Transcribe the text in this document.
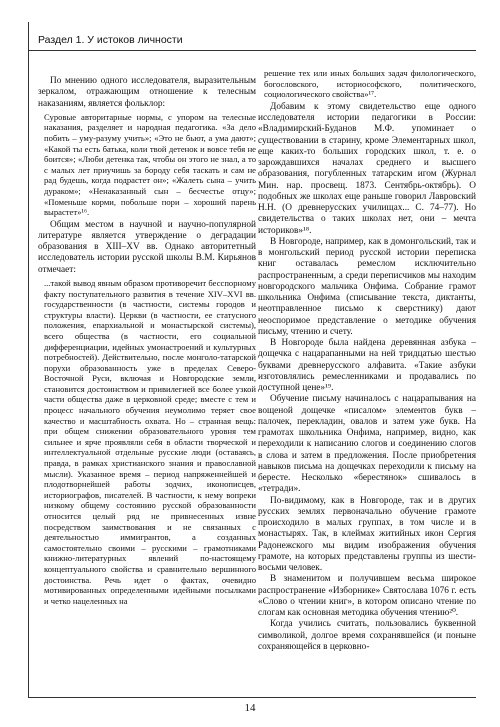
Раздел 1. У истоков личности

По мнению одного исследователя, выразительным зеркалом, отражающим отношение к телесным наказаниям, является фольклор:

Суровые авторитарные нормы, с упором на телесные наказания, разделяет и народная педагогика. «За дело побить – уму-разуму учить»; «Это не бьют, а ума дают»; «Какой ты есть батька, коли твой детенок и вовсе тебя не боится»; «Люби детенка так, чтобы он этого не знал, а то с малых лет приучишь за бороду себя таскать и сам не рад будешь, когда подрастет он»; «Жалеть сына – учить дураком»; «Ненаказанный сын – бесчестье отцу»; «Поменьше корми, побольше пори – хороший парень вырастет»¹⁶.

Общим местом в научной и научно-популярной литературе является утверждение о деградации образования в XIII–XV вв. Однако авторитетный исследователь истории русской школы В.М. Кирьянов отмечает:

...такой вывод явным образом противоречит бесспорному факту поступательного развития в течение XIV–XVI вв. государственности (в частности, системы городов и структуры власти). Церкви (в частности, ее статусного положения, епархиальной и монастырской системы), всего общества (в частности, его социальной дифференциации, идейных умонастроений и культурных потребностей). Действительно, после монголо-татарской порухи образованность уже в пределах Северо-Восточной Руси, включая и Новгородские земли, становится достоинством и привилегией все более узкой части общества даже в церковной среде; вместе с тем и процесс начального обучения неумолимо теряет свое качество и масштабность охвата. Но – странная вещь: при общем снижении образовательного уровня тем сильнее и ярче проявляли себя в области творческой и интеллектуальной отдельные русские люди (оставаясь, правда, в рамках христианского знания и православной мысли). Указанное время – период напряженнейшей и плодотворнейшей работы зодчих, иконописцев, историографов, писателей. В частности, к нему вопреки низкому общему состоянию русской образованности относится целый ряд не привнесенных извне посредством заимствования и не связанных с деятельностью иммигрантов, а созданных самостоятельно своими – русскими – грамотниками книжно-литературных явлений по-настоящему концептуального свойства и сравнительно вершинного достоинства. Речь идет о фактах, очевидно мотивированных определенными идейными посылками и четко нацеленных на

решение тех или иных больших задач филологического, богословского, историософского, политического, социологического свойства»¹⁷.

Добавим к этому свидетельство еще одного исследователя истории педагогики в России: «Владимирский-Буданов М.Ф. упоминает о существовании в старину, кроме Элементарных школ, еще каких-то больших городских школ, т. е. о зарождавшихся началах среднего и высшего образования, погубленных татарским игом (Журнал Мин. нар. просвещ. 1873. Сентябрь-октябрь). О подобных же школах еще раньше говорил Лавровский Н.Н. (О древнерусских училищах... С. 74–77). Но свидетельства о таких школах нет, они – мечта историков»¹⁸.

В Новгороде, например, как в домонгольский, так и в монгольский период русской истории переписка книг оставалась ремеслом исключительно распространенным, а среди переписчиков мы находим новгородского мальчика Онфима. Собрание грамот школьника Онфима (списывание текста, диктанты, неотправленное письмо к сверстнику) дают неоспоримое представление о методике обучения письму, чтению и счету.

В Новгороде была найдена деревянная азбука – дощечка с нацарапанными на ней тридцатью шестью буквами древнерусского алфавита. «Такие азбуки изготовлялись ремесленниками и продавались по доступной цене»¹⁹.

Обучение письму начиналось с нацарапывания на вощеной дощечке «писалом» элементов букв – палочек, перекладин, овалов и затем уже букв. На грамотах школьника Онфима, например, видно, как переходили к написанию слогов и соединению слогов в слова и затем в предложения. После приобретения навыков письма на дощечках переходили к письму на бересте. Несколько «берестянок» сшивалось в «тетради».

По-видимому, как в Новгороде, так и в других русских землях первоначально обучение грамоте происходило в малых группах, в том числе и в монастырях. Так, в клеймах житийных икон Сергия Радонежского мы видим изображения обучения грамоте, на которых представлены группы из шести-восьми человек.

В знаменитом и получившем весьма широкое распространение «Изборнике» Святослава 1076 г. есть «Слово о чтении книг», в котором описано чтение по слогам как основная методика обучения чтению²⁰.

Когда учились считать, пользовались буквенной символикой, долгое время сохранявшейся (и поныне сохраняющейся в церковно-

14
